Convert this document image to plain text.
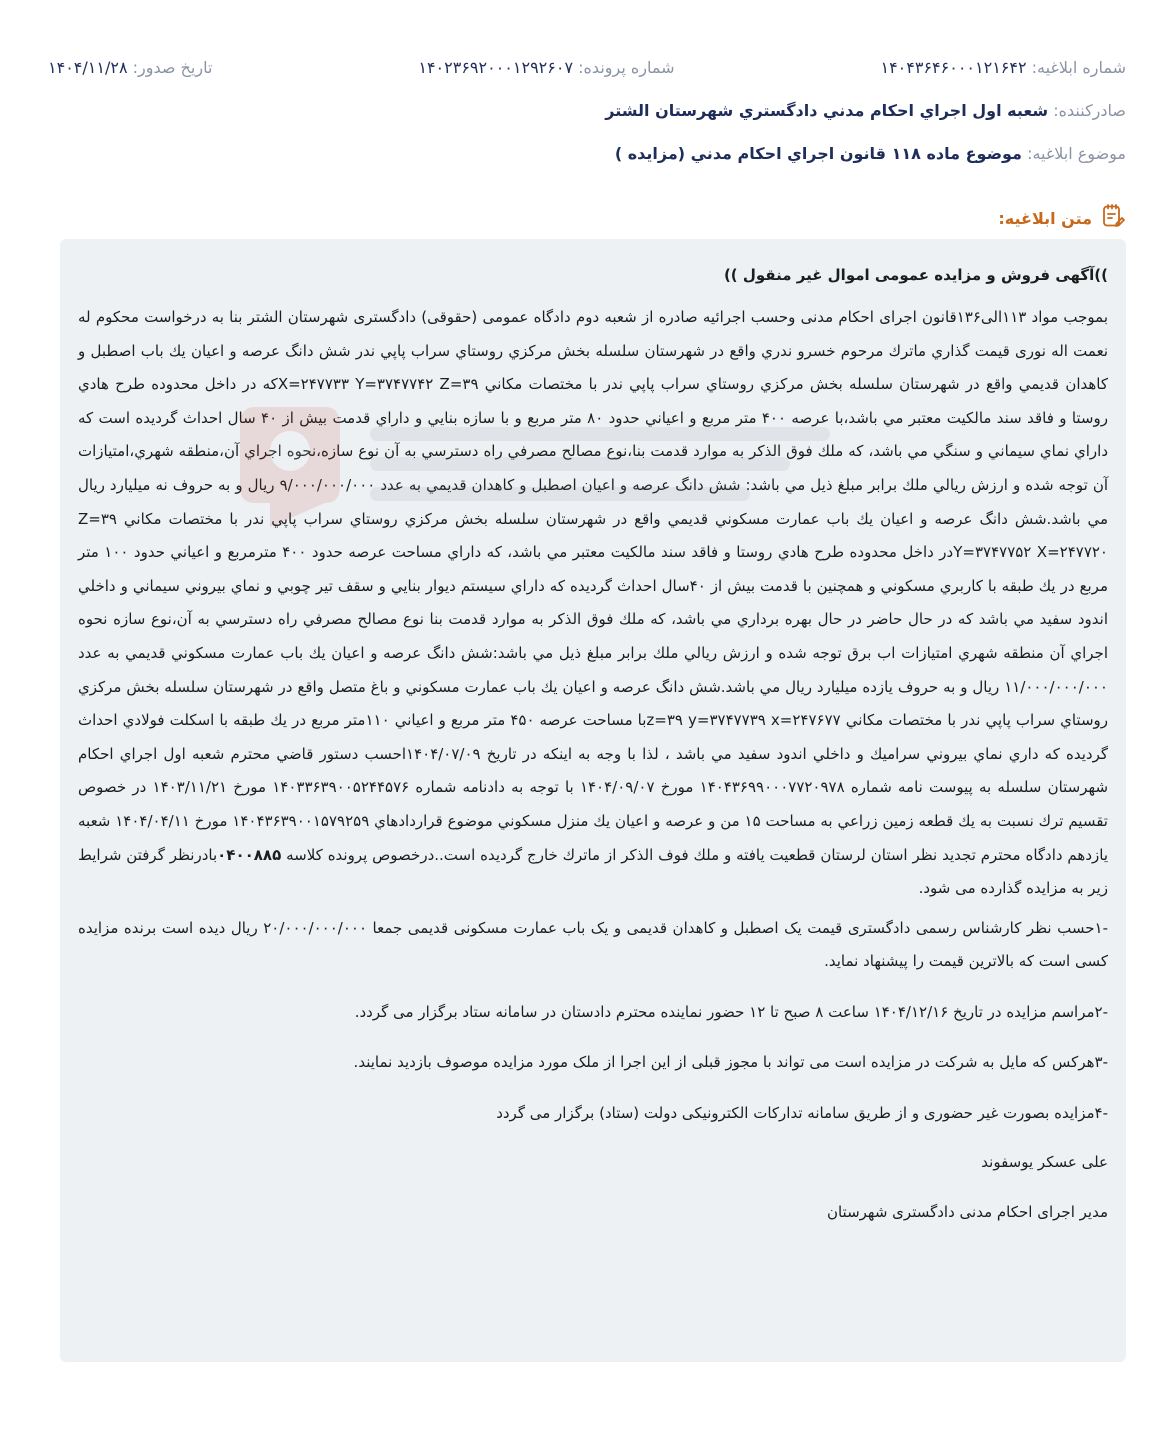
شماره ابلاغیه: ۱۴۰۴۳۶۴۶۰۰۰۱۲۱۶۴۲
شماره پرونده: ۱۴۰۲۳۶۹۲۰۰۰۱۲۹۲۶۰۷
تاریخ صدور: ۱۴۰۴/۱۱/۲۸
صادرکننده: شعبه اول اجراي احكام مدني دادگستري شهرستان الشتر
موضوع ابلاغیه: موضوع ماده ۱۱۸ قانون اجراي احكام مدني (مزايده )
متن ابلاغیه:
))آگهی فروش و مزایده عمومی اموال غیر منقول ))

بموجب مواد ۱۱۳الی۱۳۶قانون اجرای احکام مدنی وحسب اجرائیه صادره از شعبه دوم دادگاه عمومی (حقوقی) دادگستری شهرستان الشتر بنا به درخواست محکوم له نعمت اله نوری قيمت گذاري ماترك مرحوم خسرو ندري واقع در شهرستان سلسله بخش مركزي روستاي سراب پاپي ندر شش دانگ عرصه و اعيان يك باب اصطبل و كاهدان قديمي واقع در شهرستان سلسله بخش مركزي روستاي سراب پاپي ندر با مختصات مكاني X=۲۴۷۷۳۳ Y=۳۷۴۷۷۴۲ Z=۳۹كه در داخل محدوده طرح هادي روستا و فاقد سند مالكيت معتبر مي باشد،با عرصه ۴۰۰ متر مربع و اعياني حدود ۸۰ متر مربع و با سازه بنايي و داراي قدمت بيش از ۴۰ سال احداث گرديده است كه داراي نماي سيماني و سنگي مي باشد، كه ملك فوق الذكر به موارد قدمت بنا،نوع مصالح مصرفي راه دسترسي به آن نوع سازه،نحوه اجراي آن،منطقه شهري،امتيازات آن توجه شده و ارزش ريالي ملك برابر مبلغ ذيل مي باشد: شش دانگ عرصه و اعيان اصطبل و كاهدان قديمي به عدد ۹/۰۰۰/۰۰۰/۰۰۰ ريال و به حروف نه ميليارد ريال مي باشد.شش دانگ عرصه و اعيان يك باب عمارت مسكوني قديمي واقع در شهرستان سلسله بخش مركزي روستاي سراب پاپي ندر با مختصات مكاني Z=۳۹ Y=۳۷۴۷۷۵۲ X=۲۴۷۷۲۰در داخل محدوده طرح هادي روستا و فاقد سند مالكيت معتبر مي باشد، كه داراي مساحت عرصه حدود ۴۰۰ مترمربع و اعياني حدود ۱۰۰ متر مربع در يك طبقه با كاربري مسكوني و همچنين با قدمت بيش از ۴۰سال احداث گرديده كه داراي سيستم ديوار بنايي و سقف تير چوبي و نماي بيروني سيماني و داخلي اندود سفيد مي باشد كه در حال حاضر در حال بهره برداري مي باشد، كه ملك فوق الذكر به موارد قدمت بنا نوع مصالح مصرفي راه دسترسي به آن،نوع سازه نحوه اجراي آن منطقه شهري امتيازات اب برق توجه شده و ارزش ريالي ملك برابر مبلغ ذيل مي باشد:شش دانگ عرصه و اعيان يك باب عمارت مسكوني قديمي به عدد ۱۱/۰۰۰/۰۰۰/۰۰۰ ريال و به حروف يازده ميليارد ريال مي باشد.شش دانگ عرصه و اعيان يك باب عمارت مسكوني و باغ متصل واقع در شهرستان سلسله بخش مركزي روستاي سراب پاپي ندر با مختصات مكاني z=۳۹ y=۳۷۴۷۷۳۹ x=۲۴۷۶۷۷با مساحت عرصه ۴۵۰ متر مربع و اعياني ۱۱۰متر مربع در يك طبقه با اسكلت فولادي احداث گرديده كه داري نماي بيروني سراميك و داخلي اندود سفيد مي باشد ، لذا با وجه به اينكه در تاريخ ۱۴۰۴/۰۷/۰۹احسب دستور قاضي محترم شعبه اول اجراي احكام شهرستان سلسله به پيوست نامه شماره ۱۴۰۴۳۶۹۹۰۰۰۷۷۲۰۹۷۸ مورخ ۱۴۰۴/۰۹/۰۷ با توجه به دادنامه شماره ۱۴۰۳۳۶۳۹۰۰۵۲۴۴۵۷۶ مورخ ۱۴۰۳/۱۱/۲۱ در خصوص تقسيم ترك نسبت به يك قطعه زمين زراعي به مساحت ۱۵ من و عرصه و اعيان يك منزل مسكوني موضوع قراردادهاي ۱۴۰۴۳۶۳۹۰۰۱۵۷۹۲۵۹ مورخ ۱۴۰۴/۰۴/۱۱ شعبه يازدهم دادگاه محترم تجديد نظر استان لرستان قطعيت يافته و ملك فوف الذكر از ماترك خارج گرديده است..درخصوص پرونده كلاسه ۰۴۰۰۸۸۵بادرنظر گرفتن شرايط زير به مزايده گذارده می شود.

-۱حسب نظر کارشناس رسمی دادگستری قیمت یک اصطبل و کاهدان قدیمی و یک باب عمارت مسکونی قدیمی جمعا ۲۰/۰۰۰/۰۰۰/۰۰۰ ریال دیده است برنده مزایده کسی است که بالاترین قیمت را پیشنهاد نماید.
-۲مراسم مزایده در تاریخ ۱۴۰۴/۱۲/۱۶ ساعت ۸ صبح تا ۱۲ حضور نماینده محترم دادستان در سامانه ستاد برگزار می گردد.
-۳هرکس که مایل به شرکت در مزایده است می تواند با مجوز قبلی از این اجرا از ملک مورد مزایده موصوف بازدید نمایند.
-۴مزایده بصورت غیر حضوری و از طریق سامانه تدارکات الکترونیکی دولت (ستاد) برگزار می گردد
علی عسکر یوسفوند
مدیر اجرای احکام مدنی دادگستری شهرستان
